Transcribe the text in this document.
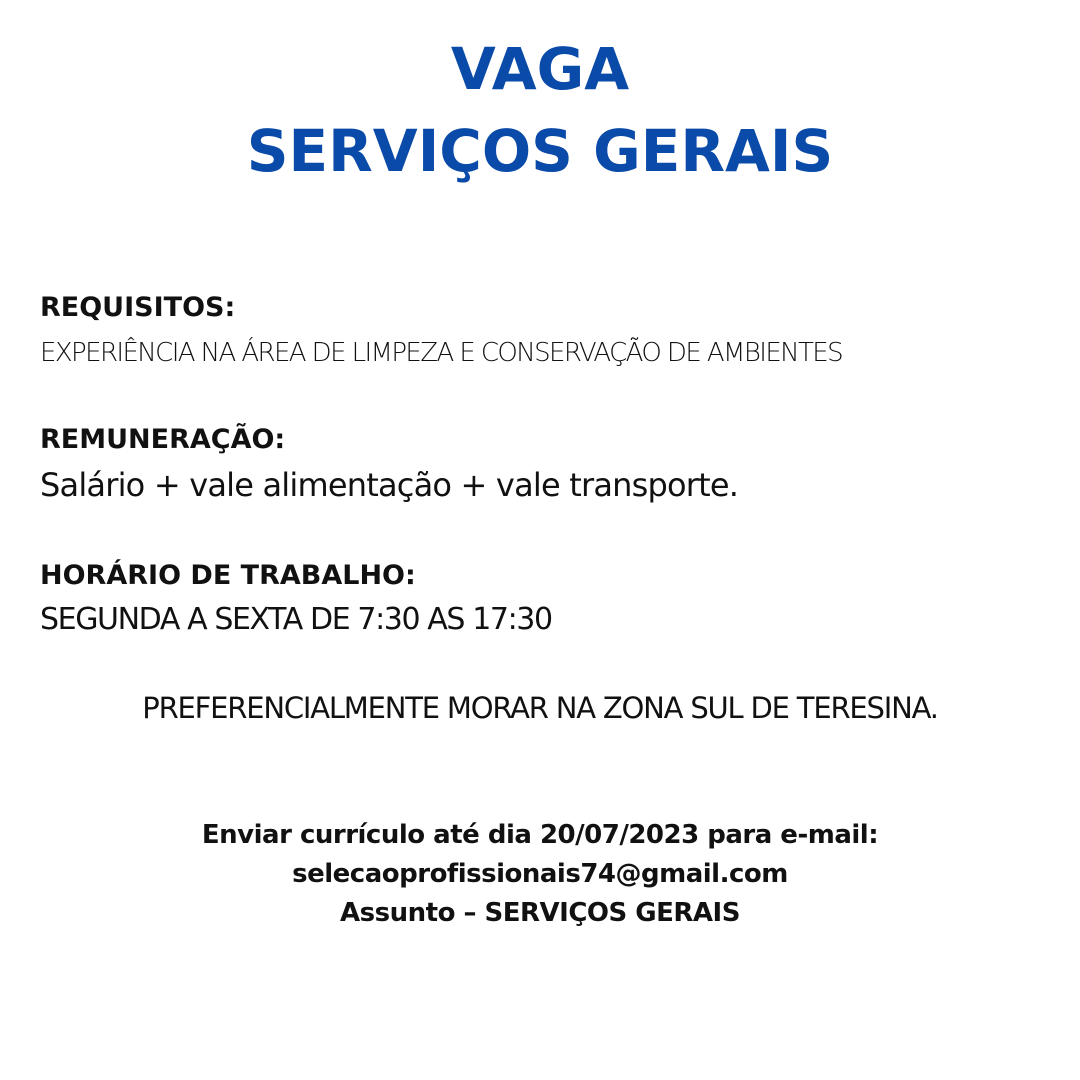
VAGA
SERVIÇOS GERAIS

REQUISITOS:

EXPERIÊNCIA NA ÁREA DE LIMPEZA E CONSERVAÇÃO DE AMBIENTES

REMUNERAÇÃO:

Salário + vale alimentação + vale transporte.

HORÁRIO DE TRABALHO:

SEGUNDA A SEXTA DE 7:30 AS 17:30

PREFERENCIALMENTE MORAR NA ZONA SUL DE TERESINA.

Enviar currículo até dia 20/07/2023 para e-mail:
selecaoprofissionais74@gmail.com
Assunto – SERVIÇOS GERAIS
